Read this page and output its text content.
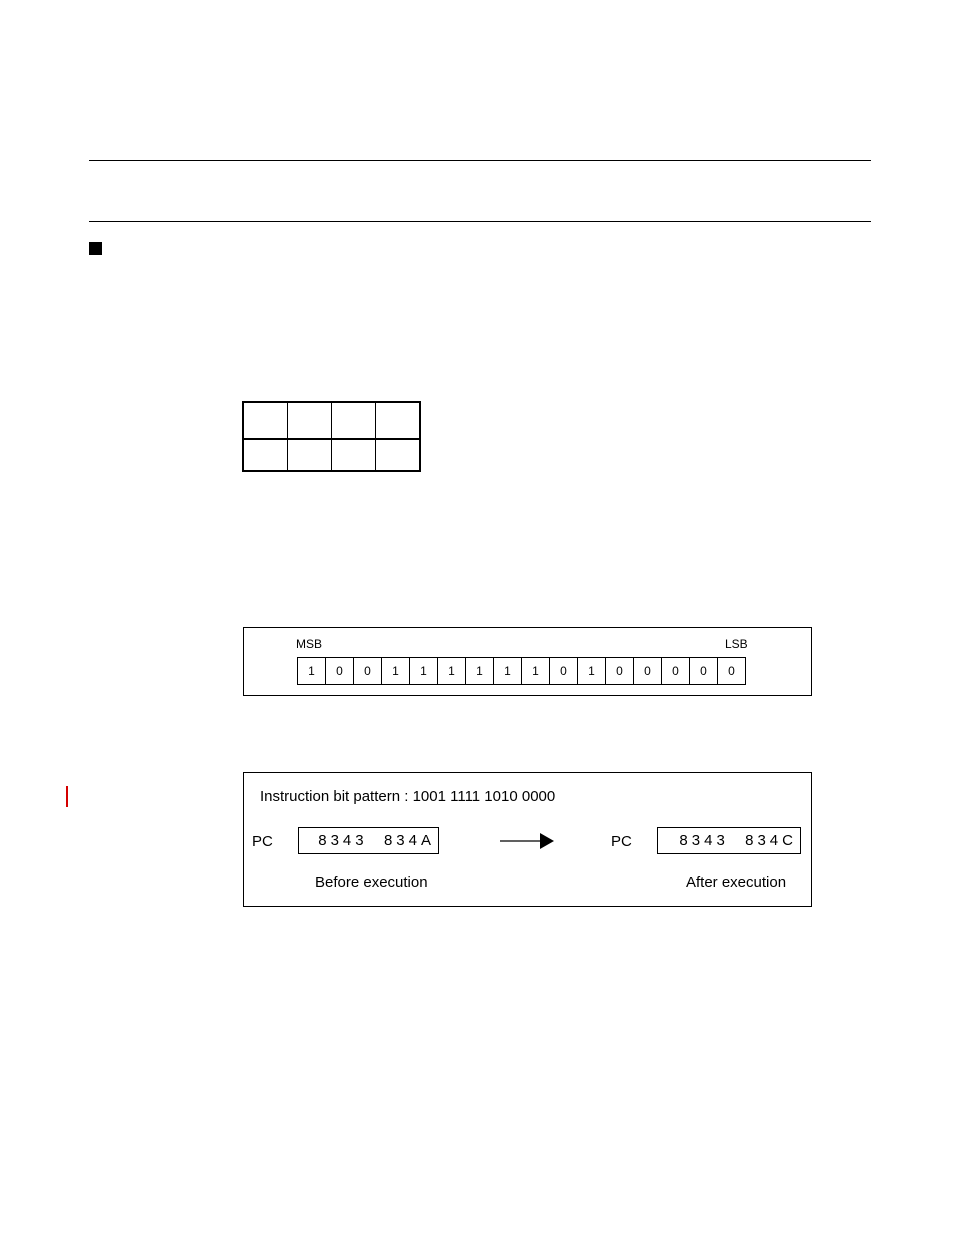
MSB	LSB
1	0	0	1	1	1	1	1	1	0	1	0	0	0	0	0
Instruction bit pattern : 1001 1111 1010 0000
PC	8343  834A	PC	8343  834C
Before execution	After execution
